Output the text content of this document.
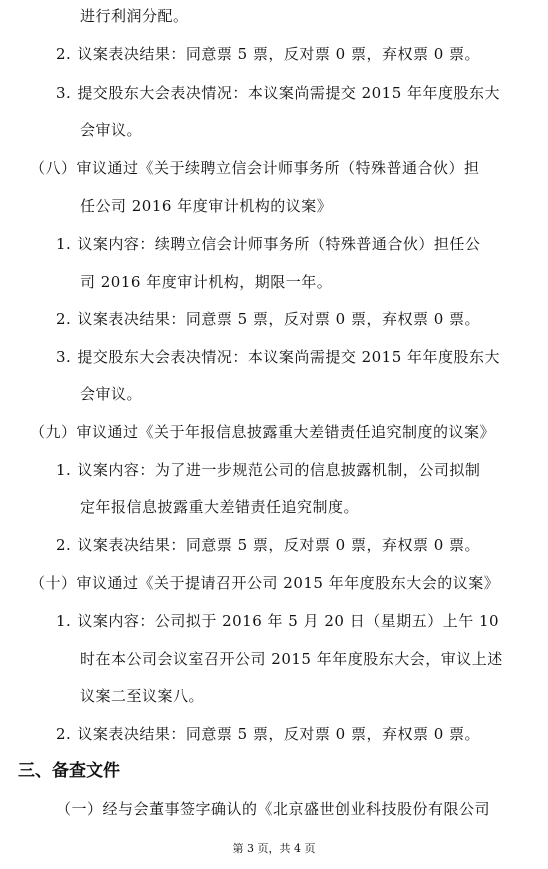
进行利润分配。
2. 议案表决结果：同意票 5 票，反对票 0 票，弃权票 0 票。
3. 提交股东大会表决情况：本议案尚需提交 2015 年年度股东大
会审议。
（八）审议通过《关于续聘立信会计师事务所（特殊普通合伙）担
任公司 2016 年度审计机构的议案》
1. 议案内容：续聘立信会计师事务所（特殊普通合伙）担任公
司 2016 年度审计机构，期限一年。
2. 议案表决结果：同意票 5 票，反对票 0 票，弃权票 0 票。
3. 提交股东大会表决情况：本议案尚需提交 2015 年年度股东大
会审议。
（九）审议通过《关于年报信息披露重大差错责任追究制度的议案》
1. 议案内容：为了进一步规范公司的信息披露机制，公司拟制
定年报信息披露重大差错责任追究制度。
2. 议案表决结果：同意票 5 票，反对票 0 票，弃权票 0 票。
（十）审议通过《关于提请召开公司 2015 年年度股东大会的议案》
1. 议案内容：公司拟于 2016 年 5 月 20 日（星期五）上午 10
时在本公司会议室召开公司 2015 年年度股东大会，审议上述
议案二至议案八。
2. 议案表决结果：同意票 5 票，反对票 0 票，弃权票 0 票。
三、备查文件
（一）经与会董事签字确认的《北京盛世创业科技股份有限公司
第 3 页，共 4 页
